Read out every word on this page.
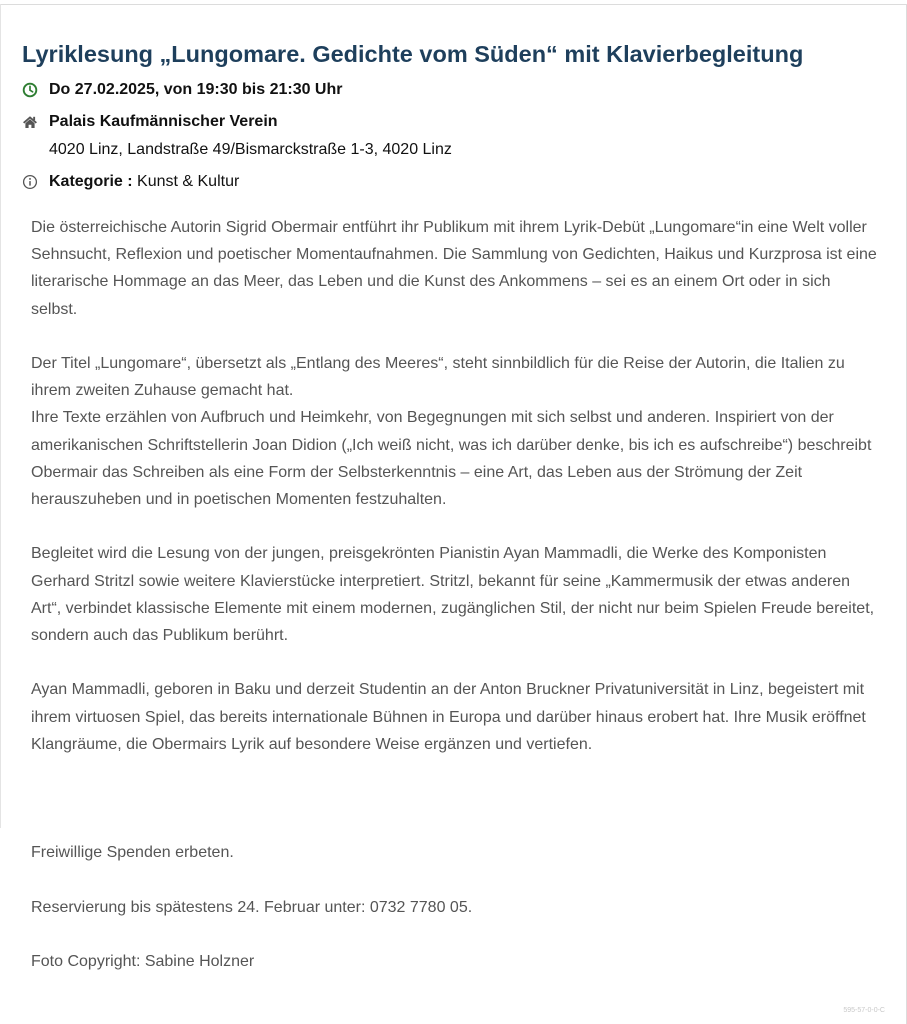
Lyriklesung „Lungomare. Gedichte vom Süden“ mit Klavierbegleitung
Do 27.02.2025, von 19:30 bis 21:30 Uhr
Palais Kaufmännischer Verein
4020 Linz, Landstraße 49/Bismarckstraße 1-3, 4020 Linz
Kategorie : Kunst & Kultur

Die österreichische Autorin Sigrid Obermair entführt ihr Publikum mit ihrem Lyrik-Debüt „Lungomare“in eine Welt voller Sehnsucht, Reflexion und poetischer Momentaufnahmen. Die Sammlung von Gedichten, Haikus und Kurzprosa ist eine literarische Hommage an das Meer, das Leben und die Kunst des Ankommens – sei es an einem Ort oder in sich selbst.

Der Titel „Lungomare“, übersetzt als „Entlang des Meeres“, steht sinnbildlich für die Reise der Autorin, die Italien zu ihrem zweiten Zuhause gemacht hat.
Ihre Texte erzählen von Aufbruch und Heimkehr, von Begegnungen mit sich selbst und anderen. Inspiriert von der amerikanischen Schriftstellerin Joan Didion („Ich weiß nicht, was ich darüber denke, bis ich es aufschreibe“) beschreibt Obermair das Schreiben als eine Form der Selbsterkenntnis – eine Art, das Leben aus der Strömung der Zeit herauszuheben und in poetischen Momenten festzuhalten.

Begleitet wird die Lesung von der jungen, preisgekrönten Pianistin Ayan Mammadli, die Werke des Komponisten Gerhard Stritzl sowie weitere Klavierstücke interpretiert. Stritzl, bekannt für seine „Kammermusik der etwas anderen Art“, verbindet klassische Elemente mit einem modernen, zugänglichen Stil, der nicht nur beim Spielen Freude bereitet, sondern auch das Publikum berührt.

Ayan Mammadli, geboren in Baku und derzeit Studentin an der Anton Bruckner Privatuniversität in Linz, begeistert mit ihrem virtuosen Spiel, das bereits internationale Bühnen in Europa und darüber hinaus erobert hat. Ihre Musik eröffnet Klangräume, die Obermairs Lyrik auf besondere Weise ergänzen und vertiefen.

Freiwillige Spenden erbeten.
Reservierung bis spätestens 24. Februar unter: 0732 7780 05.
Foto Copyright: Sabine Holzner
595-57-0-0-C
